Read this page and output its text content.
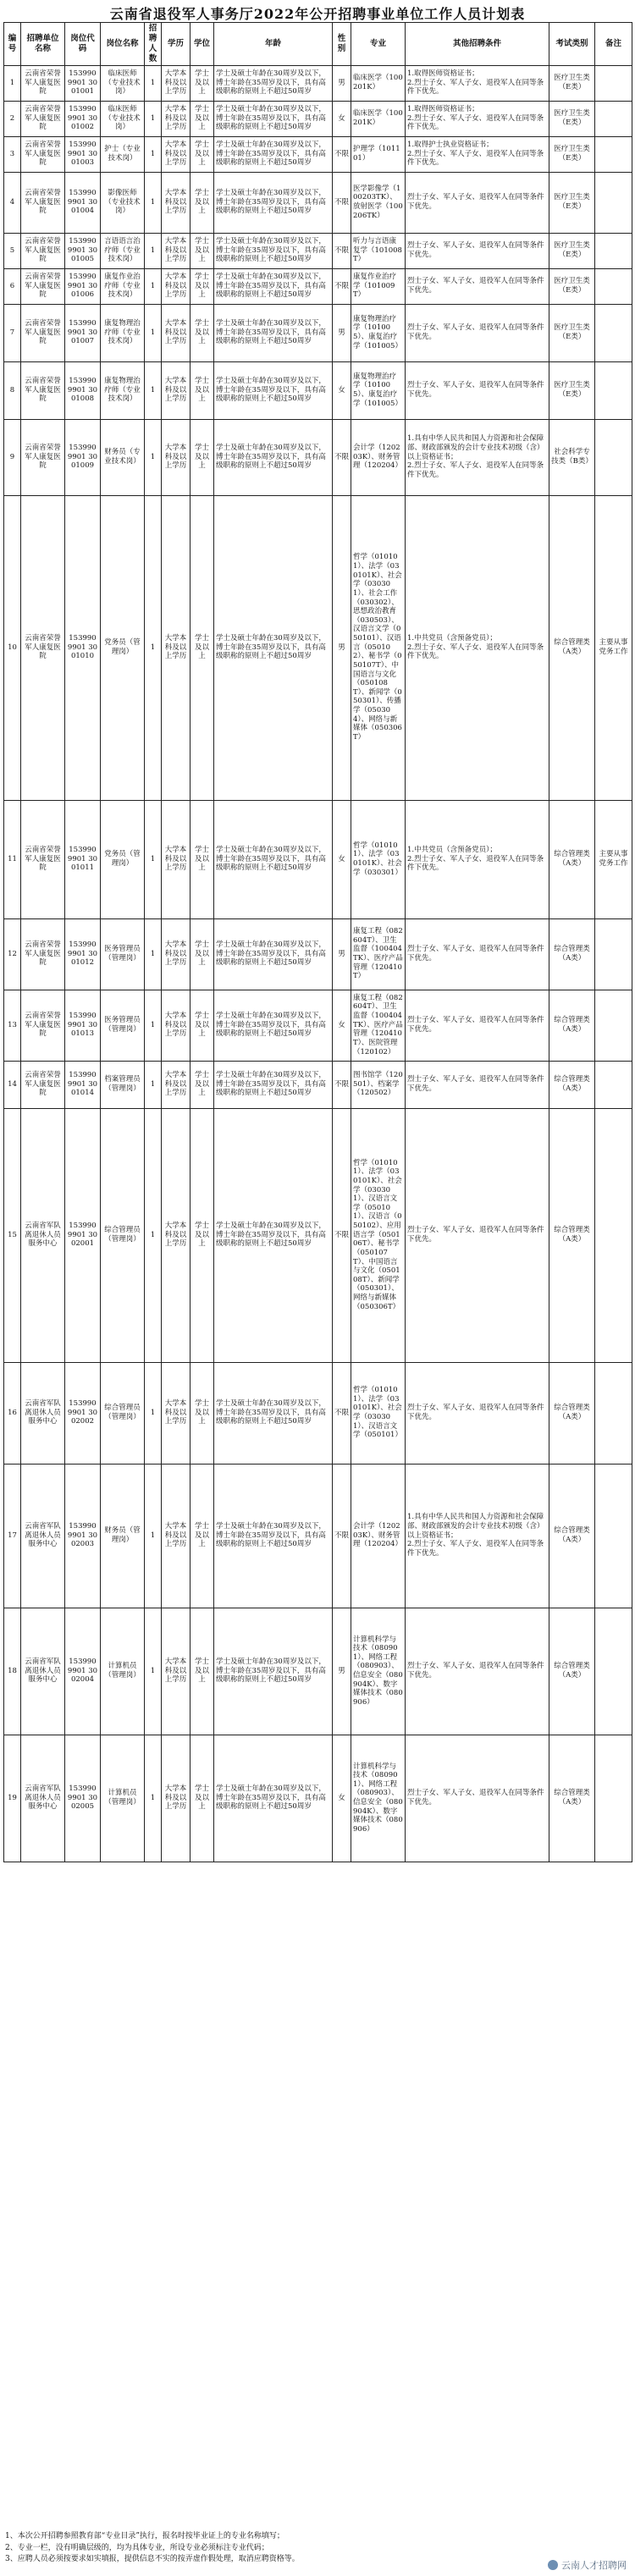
云南省退役军人事务厅2022年公开招聘事业单位工作人员计划表
编号	招聘单位名称	岗位代码	岗位名称	招聘人数	学历	学位	年龄	性别	专业	其他招聘条件	考试类别	备注
1	云南省荣誉军人康复医院	1539909901 30 01001	临床医师（专业技术岗）	1	大学本科及以上学历	学士及以上	学士及硕士年龄在30周岁及以下，博士年龄在35周岁及以下，具有高级职称的原则上不超过50周岁	男	临床医学（100201K）	1.取得医师资格证书；
2.烈士子女、军人子女、退役军人在同等条件下优先。	医疗卫生类（E类）	
2	云南省荣誉军人康复医院	1539909901 30 01002	临床医师（专业技术岗）	1	大学本科及以上学历	学士及以上	学士及硕士年龄在30周岁及以下，博士年龄在35周岁及以下，具有高级职称的原则上不超过50周岁	女	临床医学（100201K）	1.取得医师资格证书；
2.烈士子女、军人子女、退役军人在同等条件下优先。	医疗卫生类（E类）	
3	云南省荣誉军人康复医院	1539909901 30 01003	护士（专业技术岗）	1	大学本科及以上学历	学士及以上	学士及硕士年龄在30周岁及以下，博士年龄在35周岁及以下，具有高级职称的原则上不超过50周岁	不限	护理学（101101）	1.取得护士执业资格证书；
2.烈士子女、军人子女、退役军人在同等条件下优先。	医疗卫生类（E类）	
4	云南省荣誉军人康复医院	1539909901 30 01004	影像医师（专业技术岗）	1	大学本科及以上学历	学士及以上	学士及硕士年龄在30周岁及以下，博士年龄在35周岁及以下，具有高级职称的原则上不超过50周岁	不限	医学影像学（100203TK）、放射医学（100206TK）	烈士子女、军人子女、退役军人在同等条件下优先。	医疗卫生类（E类）	
5	云南省荣誉军人康复医院	1539909901 30 01005	言语语言治疗师（专业技术岗）	1	大学本科及以上学历	学士及以上	学士及硕士年龄在30周岁及以下，博士年龄在35周岁及以下，具有高级职称的原则上不超过50周岁	不限	听力与言语康复学（101008T）	烈士子女、军人子女、退役军人在同等条件下优先。	医疗卫生类（E类）	
6	云南省荣誉军人康复医院	1539909901 30 01006	康复作业治疗师（专业技术岗）	1	大学本科及以上学历	学士及以上	学士及硕士年龄在30周岁及以下，博士年龄在35周岁及以下，具有高级职称的原则上不超过50周岁	不限	康复作业治疗学（101009T）	烈士子女、军人子女、退役军人在同等条件下优先。	医疗卫生类（E类）	
7	云南省荣誉军人康复医院	1539909901 30 01007	康复物理治疗师（专业技术岗）	1	大学本科及以上学历	学士及以上	学士及硕士年龄在30周岁及以下，博士年龄在35周岁及以下，具有高级职称的原则上不超过50周岁	男	康复物理治疗学（101005）、康复治疗学（101005）	烈士子女、军人子女、退役军人在同等条件下优先。	医疗卫生类（E类）	
8	云南省荣誉军人康复医院	1539909901 30 01008	康复物理治疗师（专业技术岗）	1	大学本科及以上学历	学士及以上	学士及硕士年龄在30周岁及以下，博士年龄在35周岁及以下，具有高级职称的原则上不超过50周岁	女	康复物理治疗学（101005）、康复治疗学（101005）	烈士子女、军人子女、退役军人在同等条件下优先。	医疗卫生类（E类）	
9	云南省荣誉军人康复医院	1539909901 30 01009	财务员（专业技术岗）	1	大学本科及以上学历	学士及以上	学士及硕士年龄在30周岁及以下，博士年龄在35周岁及以下，具有高级职称的原则上不超过50周岁	不限	会计学（120203K）、财务管理（120204）	1.具有中华人民共和国人力资源和社会保障部、财政部颁发的会计专业技术初级（含）以上资格证书；
2.烈士子女、军人子女、退役军人在同等条件下优先。	社会科学专技类（B类）	
10	云南省荣誉军人康复医院	1539909901 30 01010	党务员（管理岗）	1	大学本科及以上学历	学士及以上	学士及硕士年龄在30周岁及以下，博士年龄在35周岁及以下，具有高级职称的原则上不超过50周岁	男	哲学（010101）、法学（030101K）、社会学（030301）、社会工作（030302）、思想政治教育（030503）、汉语言文学（050101）、汉语言（050102）、秘书学（050107T）、中国语言与文化（050108T）、新闻学（050301）、传播学（050304）、网络与新媒体（050306T）	1.中共党员（含预备党员）；
2.烈士子女、军人子女、退役军人在同等条件下优先。	综合管理类（A类）	主要从事党务工作
11	云南省荣誉军人康复医院	1539909901 30 01011	党务员（管理岗）	1	大学本科及以上学历	学士及以上	学士及硕士年龄在30周岁及以下，博士年龄在35周岁及以下，具有高级职称的原则上不超过50周岁	女	哲学（010101）、法学（030101K）、社会学（030301）	1.中共党员（含预备党员）；
2.烈士子女、军人子女、退役军人在同等条件下优先。	综合管理类（A类）	主要从事党务工作
12	云南省荣誉军人康复医院	1539909901 30 01012	医务管理员（管理岗）	1	大学本科及以上学历	学士及以上	学士及硕士年龄在30周岁及以下，博士年龄在35周岁及以下，具有高级职称的原则上不超过50周岁	男	康复工程（082604T）、卫生监督（100404TK）、医疗产品管理（120410T）	烈士子女、军人子女、退役军人在同等条件下优先。	综合管理类（A类）	
13	云南省荣誉军人康复医院	1539909901 30 01013	医务管理员（管理岗）	1	大学本科及以上学历	学士及以上	学士及硕士年龄在30周岁及以下，博士年龄在35周岁及以下，具有高级职称的原则上不超过50周岁	女	康复工程（082604T）、卫生监督（100404TK）、医疗产品管理（120410T）、医院管理（120102）	烈士子女、军人子女、退役军人在同等条件下优先。	综合管理类（A类）	
14	云南省荣誉军人康复医院	1539909901 30 01014	档案管理员（管理岗）	1	大学本科及以上学历	学士及以上	学士及硕士年龄在30周岁及以下，博士年龄在35周岁及以下，具有高级职称的原则上不超过50周岁	不限	图书馆学（120501）、档案学（120502）	烈士子女、军人子女、退役军人在同等条件下优先。	综合管理类（A类）	
15	云南省军队离退休人员服务中心	1539909901 30 02001	综合管理员（管理岗）	1	大学本科及以上学历	学士及以上	学士及硕士年龄在30周岁及以下，博士年龄在35周岁及以下，具有高级职称的原则上不超过50周岁	不限	哲学（010101）、法学（030101K）、社会学（030301）、汉语言文学（050101）、汉语言（050102）、应用语言学（050106T）、秘书学（050107T）、中国语言与文化（050108T）、新闻学（050301）、网络与新媒体（050306T）	烈士子女、军人子女、退役军人在同等条件下优先。	综合管理类（A类）	
16	云南省军队离退休人员服务中心	1539909901 30 02002	综合管理员（管理岗）	1	大学本科及以上学历	学士及以上	学士及硕士年龄在30周岁及以下，博士年龄在35周岁及以下，具有高级职称的原则上不超过50周岁	不限	哲学（010101）、法学（030101K）、社会学（030301）、汉语言文学（050101）	烈士子女、军人子女、退役军人在同等条件下优先。	综合管理类（A类）	
17	云南省军队离退休人员服务中心	1539909901 30 02003	财务员（管理岗）	1	大学本科及以上学历	学士及以上	学士及硕士年龄在30周岁及以下，博士年龄在35周岁及以下，具有高级职称的原则上不超过50周岁	不限	会计学（120203K）、财务管理（120204）	1.具有中华人民共和国人力资源和社会保障部、财政部颁发的会计专业技术初级（含）以上资格证书；
2.烈士子女、军人子女、退役军人在同等条件下优先。	综合管理类（A类）	
18	云南省军队离退休人员服务中心	1539909901 30 02004	计算机员（管理岗）	1	大学本科及以上学历	学士及以上	学士及硕士年龄在30周岁及以下，博士年龄在35周岁及以下，具有高级职称的原则上不超过50周岁	男	计算机科学与技术（080901）、网络工程（080903）、信息安全（080904K）、数字媒体技术（080906）	烈士子女、军人子女、退役军人在同等条件下优先。	综合管理类（A类）	
19	云南省军队离退休人员服务中心	1539909901 30 02005	计算机员（管理岗）	1	大学本科及以上学历	学士及以上	学士及硕士年龄在30周岁及以下，博士年龄在35周岁及以下，具有高级职称的原则上不超过50周岁	女	计算机科学与技术（080901）、网络工程（080903）、信息安全（080904K）、数字媒体技术（080906）	烈士子女、军人子女、退役军人在同等条件下优先。	综合管理类（A类）	
1、本次公开招聘参照教育部“专业目录”执行，报名时按毕业证上的专业名称填写；
2、专业一栏，没有明确层级的，均为具体专业，所设专业必须标注专业代码；
3、应聘人员必须按要求如实填报，提供信息不实的按弄虚作假处理，取消应聘资格等。
云南人才招聘网
